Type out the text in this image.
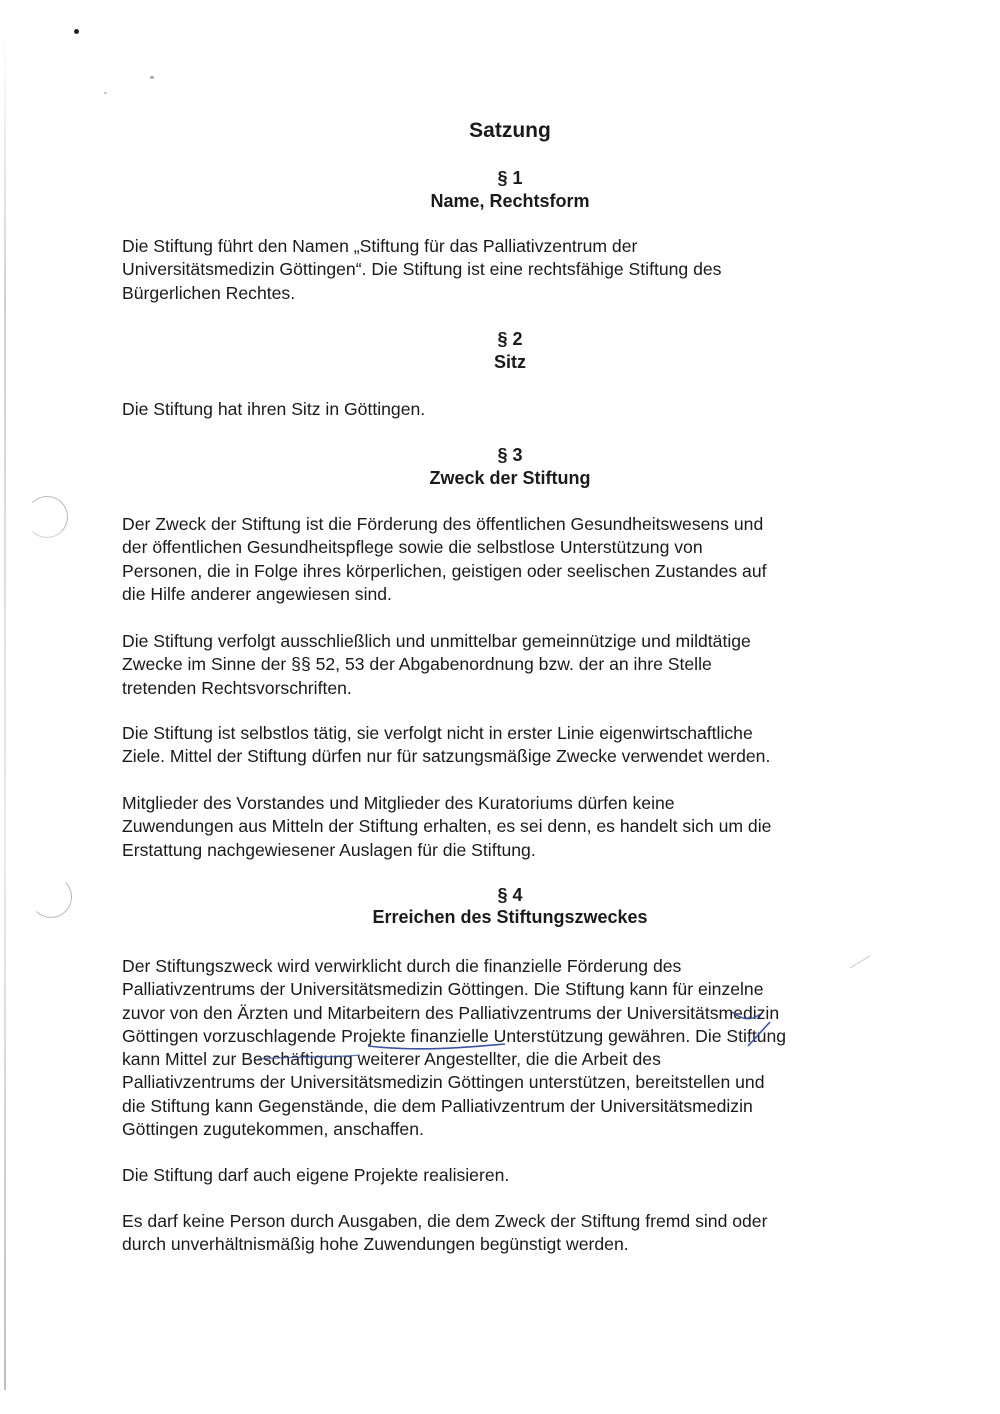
Satzung
§ 1
Name, Rechtsform
Die Stiftung führt den Namen „Stiftung für das Palliativzentrum der
Universitätsmedizin Göttingen“. Die Stiftung ist eine rechtsfähige Stiftung des
Bürgerlichen Rechtes.
§ 2
Sitz
Die Stiftung hat ihren Sitz in Göttingen.
§ 3
Zweck der Stiftung
Der Zweck der Stiftung ist die Förderung des öffentlichen Gesundheitswesens und
der öffentlichen Gesundheitspflege sowie die selbstlose Unterstützung von
Personen, die in Folge ihres körperlichen, geistigen oder seelischen Zustandes auf
die Hilfe anderer angewiesen sind.
Die Stiftung verfolgt ausschließlich und unmittelbar gemeinnützige und mildtätige
Zwecke im Sinne der §§ 52, 53 der Abgabenordnung bzw. der an ihre Stelle
tretenden Rechtsvorschriften.
Die Stiftung ist selbstlos tätig, sie verfolgt nicht in erster Linie eigenwirtschaftliche
Ziele. Mittel der Stiftung dürfen nur für satzungsmäßige Zwecke verwendet werden.
Mitglieder des Vorstandes und Mitglieder des Kuratoriums dürfen keine
Zuwendungen aus Mitteln der Stiftung erhalten, es sei denn, es handelt sich um die
Erstattung nachgewiesener Auslagen für die Stiftung.
§ 4
Erreichen des Stiftungszweckes
Der Stiftungszweck wird verwirklicht durch die finanzielle Förderung des
Palliativzentrums der Universitätsmedizin Göttingen. Die Stiftung kann für einzelne
zuvor von den Ärzten und Mitarbeitern des Palliativzentrums der Universitätsmedizin
Göttingen vorzuschlagende Projekte finanzielle Unterstützung gewähren. Die Stiftung
kann Mittel zur Beschäftigung weiterer Angestellter, die die Arbeit des
Palliativzentrums der Universitätsmedizin Göttingen unterstützen, bereitstellen und
die Stiftung kann Gegenstände, die dem Palliativzentrum der Universitätsmedizin
Göttingen zugutekommen, anschaffen.
Die Stiftung darf auch eigene Projekte realisieren.
Es darf keine Person durch Ausgaben, die dem Zweck der Stiftung fremd sind oder
durch unverhältnismäßig hohe Zuwendungen begünstigt werden.
